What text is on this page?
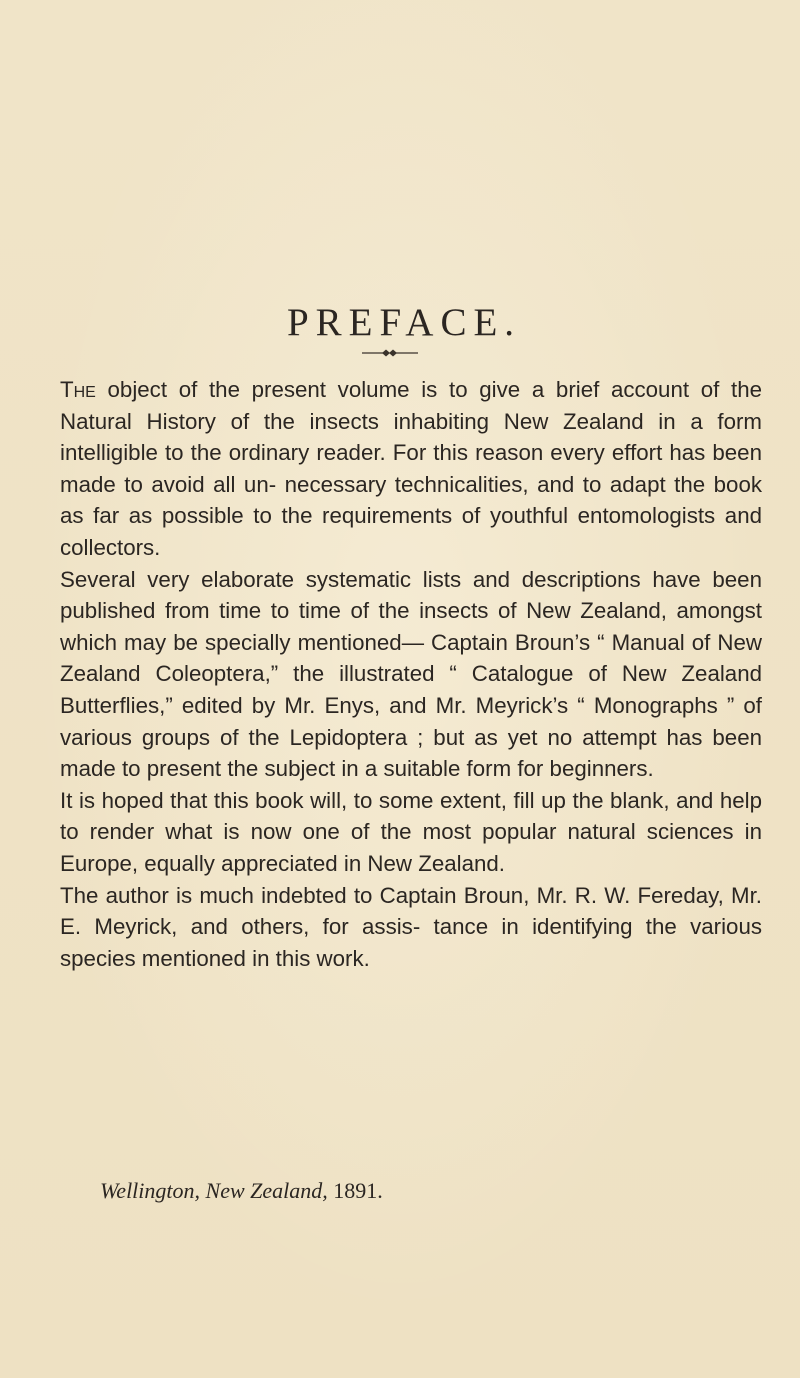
PREFACE.

The object of the present volume is to give a brief account of the Natural History of the insects inhabiting New Zealand in a form intelligible to the ordinary reader. For this reason every effort has been made to avoid all un- necessary technicalities, and to adapt the book as far as possible to the requirements of youthful entomologists and collectors.

Several very elaborate systematic lists and descriptions have been published from time to time of the insects of New Zealand, amongst which may be specially mentioned— Captain Broun’s “ Manual of New Zealand Coleoptera,” the illustrated “ Catalogue of New Zealand Butterflies,” edited by Mr. Enys, and Mr. Meyrick’s “ Monographs ” of various groups of the Lepidoptera ; but as yet no attempt has been made to present the subject in a suitable form for beginners.

It is hoped that this book will, to some extent, fill up the blank, and help to render what is now one of the most popular natural sciences in Europe, equally appreciated in New Zealand.

The author is much indebted to Captain Broun, Mr. R. W. Fereday, Mr. E. Meyrick, and others, for assis- tance in identifying the various species mentioned in this work.

Wellington, New Zealand, 1891.
